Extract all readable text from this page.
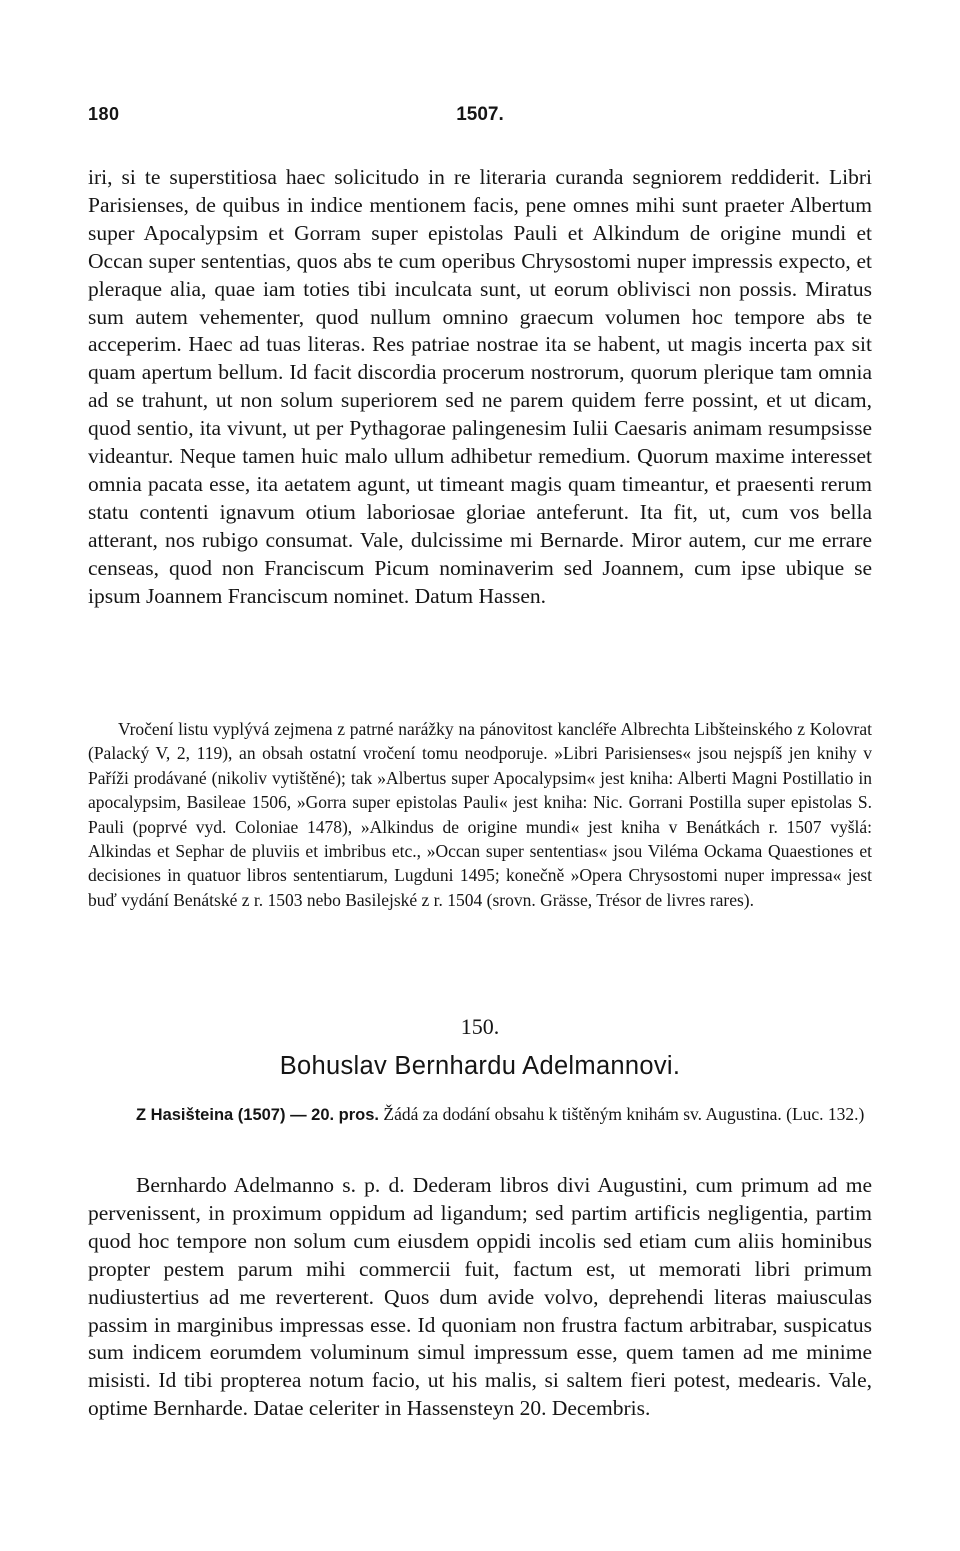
180	1507.

iri, si te superstitiosa haec solicitudo in re literaria curanda segniorem reddiderit. Libri Parisienses, de quibus in indice mentionem facis, pene omnes mihi sunt praeter Albertum super Apocalypsim et Gorram super epistolas Pauli et Alkindum de origine mundi et Occan super sententias, quos abs te cum operibus Chrysostomi nuper impressis expecto, et pleraque alia, quae iam toties tibi inculcata sunt, ut eorum oblivisci non possis. Miratus sum autem vehementer, quod nullum omnino graecum volumen hoc tempore abs te acceperim. Haec ad tuas literas. Res patriae nostrae ita se habent, ut magis incerta pax sit quam apertum bellum. Id facit discordia procerum nostrorum, quorum plerique tam omnia ad se trahunt, ut non solum superiorem sed ne parem quidem ferre possint, et ut dicam, quod sentio, ita vivunt, ut per Pythagorae palingenesim Iulii Caesaris animam resumpsisse videantur. Neque tamen huic malo ullum adhibetur remedium. Quorum maxime interesset omnia pacata esse, ita aetatem agunt, ut timeant magis quam timeantur, et praesenti rerum statu contenti ignavum otium laboriosae gloriae anteferunt. Ita fit, ut, cum vos bella atterant, nos rubigo consumat. Vale, dulcissime mi Bernarde. Miror autem, cur me errare censeas, quod non Franciscum Picum nominaverim sed Joannem, cum ipse ubique se ipsum Joannem Franciscum nominet. Datum Hassen.

Vročení listu vyplývá zejmena z patrné narážky na pánovitost kancléře Albrechta Libšteinského z Kolovrat (Palacký V, 2, 119), an obsah ostatní vročení tomu neodporuje. »Libri Parisienses« jsou nejspíš jen knihy v Paříži prodávané (nikoliv vytištěné); tak »Albertus super Apocalypsim« jest kniha: Alberti Magni Postillatio in apocalypsim, Basileae 1506, »Gorra super epistolas Pauli« jest kniha: Nic. Gorrani Postilla super epistolas S. Pauli (poprvé vyd. Coloniae 1478), »Alkindus de origine mundi« jest kniha v Benátkách r. 1507 vyšlá: Alkindas et Sephar de pluviis et imbribus etc., »Occan super sententias« jsou Viléma Ockama Quaestiones et decisiones in quatuor libros sententiarum, Lugduni 1495; konečně »Opera Chrysostomi nuper impressa« jest buď vydání Benátské z r. 1503 nebo Basilejské z r. 1504 (srovn. Grässe, Trésor de livres rares).

150.
Bohuslav Bernhardu Adelmannovi.

Z Hasišteina (1507) — 20. pros. Žádá za dodání obsahu k tištěným knihám sv. Augustina. (Luc. 132.)

Bernhardo Adelmanno s. p. d. Dederam libros divi Augustini, cum primum ad me pervenissent, in proximum oppidum ad ligandum; sed partim artificis negligentia, partim quod hoc tempore non solum cum eiusdem oppidi incolis sed etiam cum aliis hominibus propter pestem parum mihi commercii fuit, factum est, ut memorati libri primum nudiustertius ad me reverterent. Quos dum avide volvo, deprehendi literas maiusculas passim in marginibus impressas esse. Id quoniam non frustra factum arbitrabar, suspicatus sum indicem eorumdem voluminum simul impressum esse, quem tamen ad me minime misisti. Id tibi propterea notum facio, ut his malis, si saltem fieri potest, medearis. Vale, optime Bernharde. Datae celeriter in Hassensteyn 20. Decembris.
